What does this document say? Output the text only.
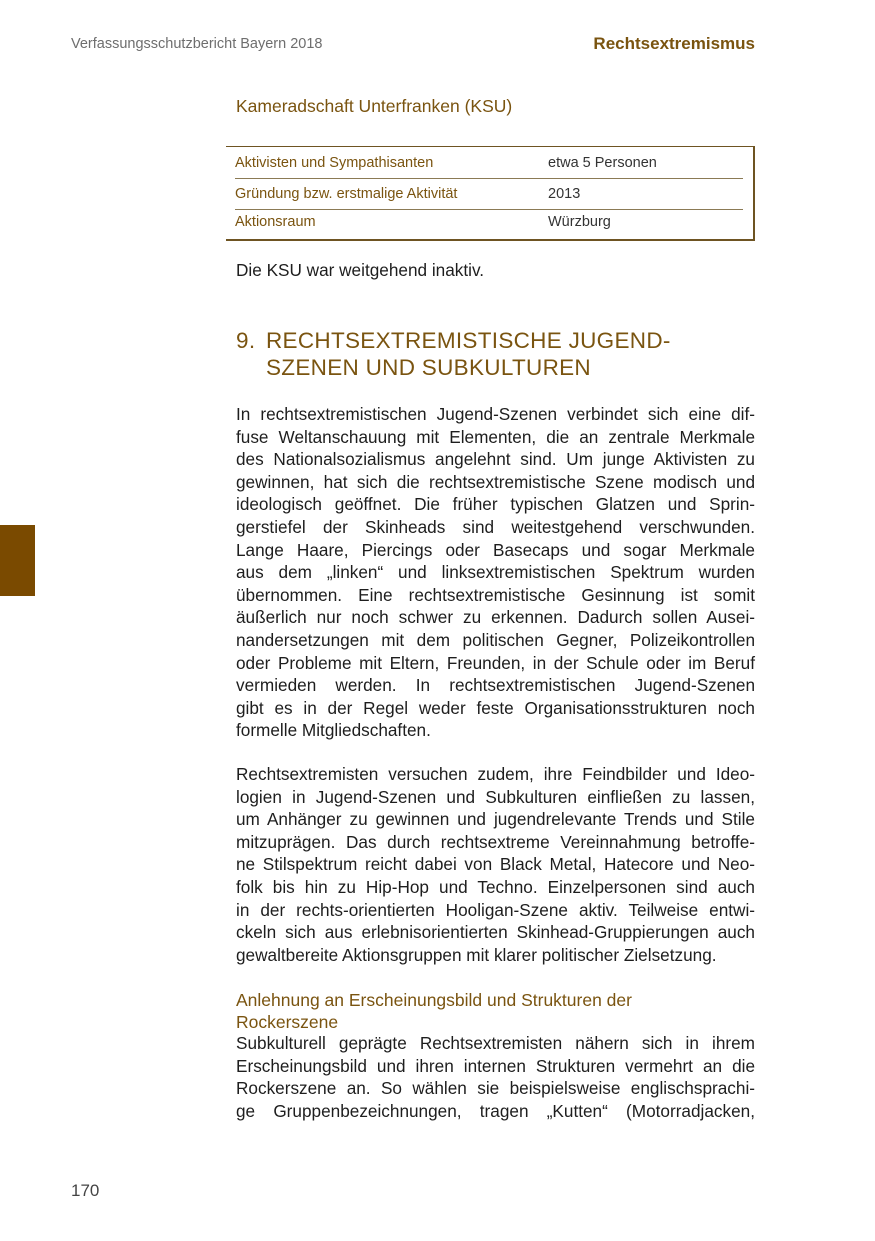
Verfassungsschutzbericht Bayern 2018	Rechtsextremismus
Kameradschaft Unterfranken (KSU)
Aktivisten und Sympathisanten	etwa 5 Personen
Gründung bzw. erstmalige Aktivität	2013
Aktionsraum	Würzburg
Die KSU war weitgehend inaktiv.
9. RECHTSEXTREMISTISCHE JUGEND-
SZENEN UND SUBKULTUREN
In rechtsextremistischen Jugend-Szenen verbindet sich eine dif-
fuse Weltanschauung mit Elementen, die an zentrale Merkmale
des Nationalsozialismus angelehnt sind. Um junge Aktivisten zu
gewinnen, hat sich die rechtsextremistische Szene modisch und
ideologisch geöffnet. Die früher typischen Glatzen und Sprin-
gerstiefel der Skinheads sind weitestgehend verschwunden.
Lange Haare, Piercings oder Basecaps und sogar Merkmale
aus dem „linken“ und linksextremistischen Spektrum wurden
übernommen. Eine rechtsextremistische Gesinnung ist somit
äußerlich nur noch schwer zu erkennen. Dadurch sollen Ausei-
nandersetzungen mit dem politischen Gegner, Polizeikontrollen
oder Probleme mit Eltern, Freunden, in der Schule oder im Beruf
vermieden werden. In rechtsextremistischen Jugend-Szenen
gibt es in der Regel weder feste Organisationsstrukturen noch
formelle Mitgliedschaften.
Rechtsextremisten versuchen zudem, ihre Feindbilder und Ideo-
logien in Jugend-Szenen und Subkulturen einfließen zu lassen,
um Anhänger zu gewinnen und jugendrelevante Trends und Stile
mitzuprägen. Das durch rechtsextreme Vereinnahmung betroffe-
ne Stilspektrum reicht dabei von Black Metal, Hatecore und Neo-
folk bis hin zu Hip-Hop und Techno. Einzelpersonen sind auch
in der rechts-orientierten Hooligan-Szene aktiv. Teilweise entwi-
ckeln sich aus erlebnisorientierten Skinhead-Gruppierungen auch
gewaltbereite Aktionsgruppen mit klarer politischer Zielsetzung.
Anlehnung an Erscheinungsbild und Strukturen der
Rockerszene
Subkulturell geprägte Rechtsextremisten nähern sich in ihrem
Erscheinungsbild und ihren internen Strukturen vermehrt an die
Rockerszene an. So wählen sie beispielsweise englischsprachi-
ge Gruppenbezeichnungen, tragen „Kutten“ (Motorradjacken,
170
